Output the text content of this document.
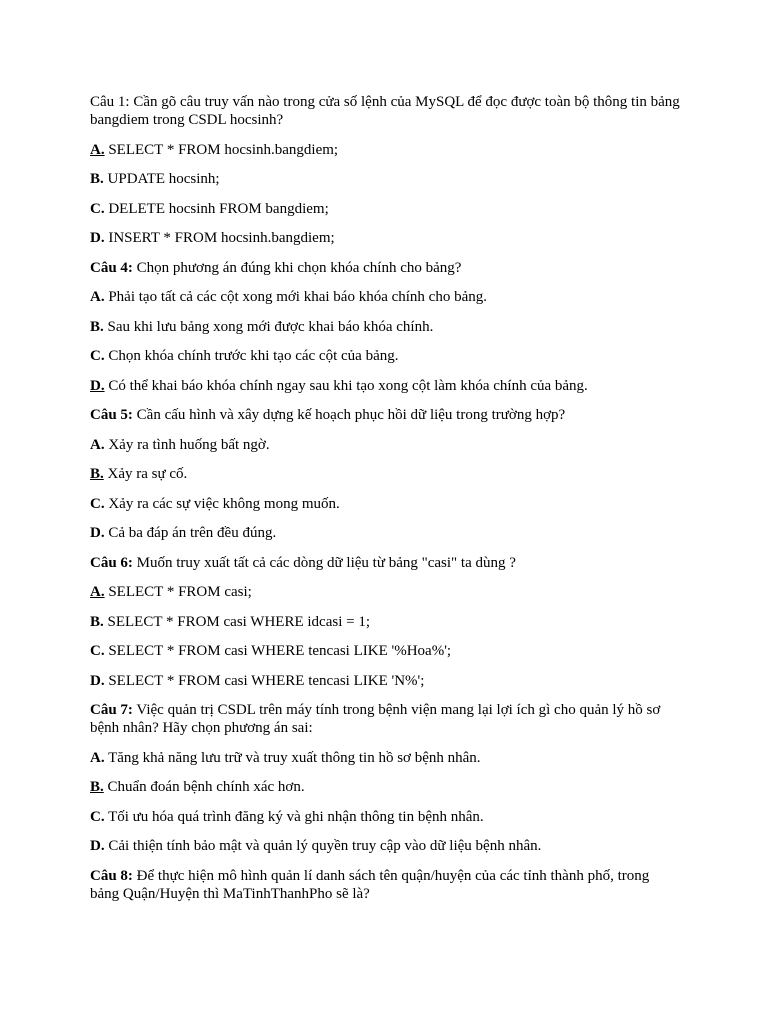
Câu 1: Cần gõ câu truy vấn nào trong cửa số lệnh của MySQL để đọc được toàn bộ thông tin bảng bangdiem trong CSDL hocsinh?

A. SELECT * FROM hocsinh.bangdiem;

B. UPDATE hocsinh;

C. DELETE hocsinh FROM bangdiem;

D. INSERT * FROM hocsinh.bangdiem;

Câu 4: Chọn phương án đúng khi chọn khóa chính cho bảng?

A. Phải tạo tất cả các cột xong mới khai báo khóa chính cho bảng.

B. Sau khi lưu bảng xong mới được khai báo khóa chính.

C. Chọn khóa chính trước khi tạo các cột của bảng.

D. Có thể khai báo khóa chính ngay sau khi tạo xong cột làm khóa chính của bảng.

Câu 5: Cần cấu hình và xây dựng kế hoạch phục hồi dữ liệu trong trường hợp?

A. Xảy ra tình huống bất ngờ.

B. Xảy ra sự cố.

C. Xảy ra các sự việc không mong muốn.

D. Cả ba đáp án trên đều đúng.

Câu 6: Muốn truy xuất tất cả các dòng dữ liệu từ bảng "casi" ta dùng ?

A. SELECT * FROM casi;

B. SELECT * FROM casi WHERE idcasi = 1;

C. SELECT * FROM casi WHERE tencasi LIKE '%Hoa%';

D. SELECT * FROM casi WHERE tencasi LIKE 'N%';

Câu 7: Việc quản trị CSDL trên máy tính trong bệnh viện mang lại lợi ích gì cho quản lý hồ sơ bệnh nhân? Hãy chọn phương án sai:

A. Tăng khả năng lưu trữ và truy xuất thông tin hồ sơ bệnh nhân.

B. Chuẩn đoán bệnh chính xác hơn.

C. Tối ưu hóa quá trình đăng ký và ghi nhận thông tin bệnh nhân.

D. Cải thiện tính bảo mật và quản lý quyền truy cập vào dữ liệu bệnh nhân.

Câu 8: Để thực hiện mô hình quản lí danh sách tên quận/huyện của các tỉnh thành phố, trong bảng Quận/Huyện thì MaTinhThanhPho sẽ là?
